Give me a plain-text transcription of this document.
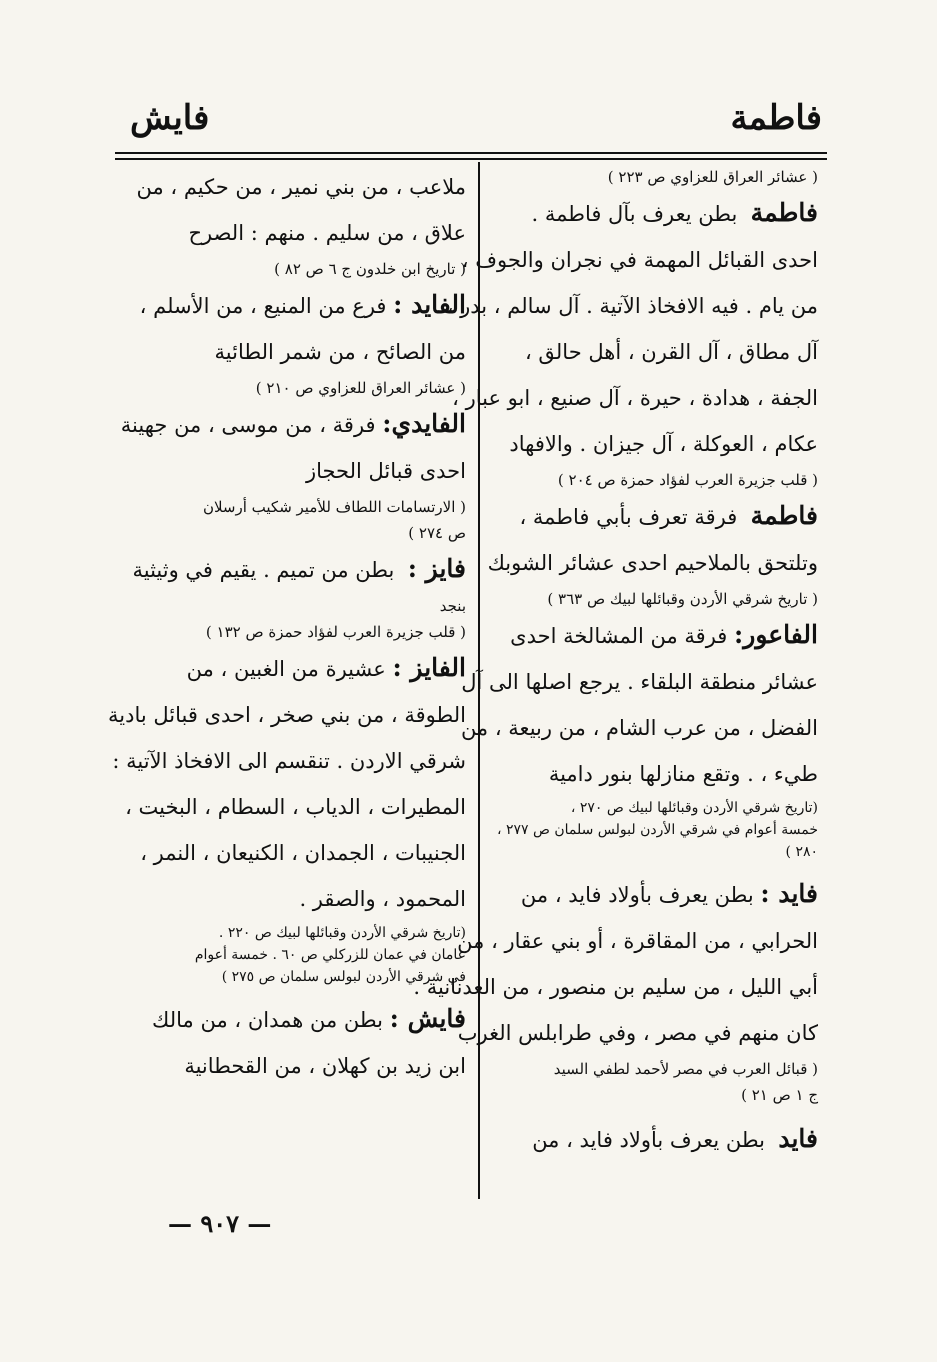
فايش	فاطمة
( عشائر العراق للعزاوي ص ٢٢٣ )
فاطمة  بطن يعرف بآل فاطمة .
احدى القبائل المهمة في نجران والجوف ،
من يام . فيه الافخاذ الآتية . آل سالم ، بدر ،
آل مطاق ، آل القرن ، أهل حالق ،
الجفة ، هدادة ، حيرة ، آل صنيع ، ابو عبار ،
عكام ، العوكلة ، آل جيزان . والافهاد
( قلب جزيرة العرب لفؤاد حمزة ص ٢٠٤ )
فاطمة  فرقة تعرف بأبي فاطمة ،
وتلتحق بالملاحيم احدى عشائر الشوبك
( تاريخ شرقي الأردن وقبائلها لبيك ص ٣٦٣ )
الفاعور: فرقة من المشالخة احدى
عشائر منطقة البلقاء . يرجع اصلها الى آل
الفضل ، من عرب الشام ، من ربيعة ، من
طيء ، . وتقع منازلها بنور دامية
(تاريخ شرقي الأردن وقبائلها لبيك ص ٢٧٠ ،
خمسة أعوام في شرقي الأردن لبولس سلمان ص ٢٧٧ ،
٢٨٠ )
فايد : بطن يعرف بأولاد فايد ، من
الحرابي ، من المقاقرة ، أو بني عقار ، من
أبي الليل ، من سليم بن منصور ، من العدنانية .
كان منهم في مصر ، وفي طرابلس الغرب
( قبائل العرب في مصر لأحمد لطفي السيد
ج ١ ص ٢١ )
فايد  بطن يعرف بأولاد فايد ، من
ملاعب ، من بني نمير ، من حكيم ، من
علاق ، من سليم . منهم : الصرح
( تاريخ ابن خلدون ج ٦ ص ٨٢ )
الفايد : فرع من المنيع ، من الأسلم ،
من الصائح ، من شمر الطائية
( عشائر العراق للعزاوي ص ٢١٠ )
الفايدي: فرقة ، من موسى ، من جهينة
احدى قبائل الحجاز
( الارتسامات اللطاف للأمير شكيب أرسلان
ص ٢٧٤ )
فايز :  بطن من تميم . يقيم في وثيثية
بنجد
( قلب جزيرة العرب لفؤاد حمزة ص ١٣٢ )
الفايز : عشيرة من الغبين ، من
الطوقة ، من بني صخر ، احدى قبائل بادية
شرقي الاردن . تنقسم الى الافخاذ الآتية :
المطيرات ، الدياب ، السطام ، البخيت ،
الجنيبات ، الجمدان ، الكنيعان ، النمر ،
المحمود ، والصقر .
(تاريخ شرقي الأردن وقبائلها لبيك ص ٢٢٠ .
عامان في عمان للزركلي ص ٦٠ . خمسة أعوام
في شرقي الأردن لبولس سلمان ص ٢٧٥ )
فايش : بطن من همدان ، من مالك
ابن زيد بن كهلان ، من القحطانية
— ٩٠٧ —
